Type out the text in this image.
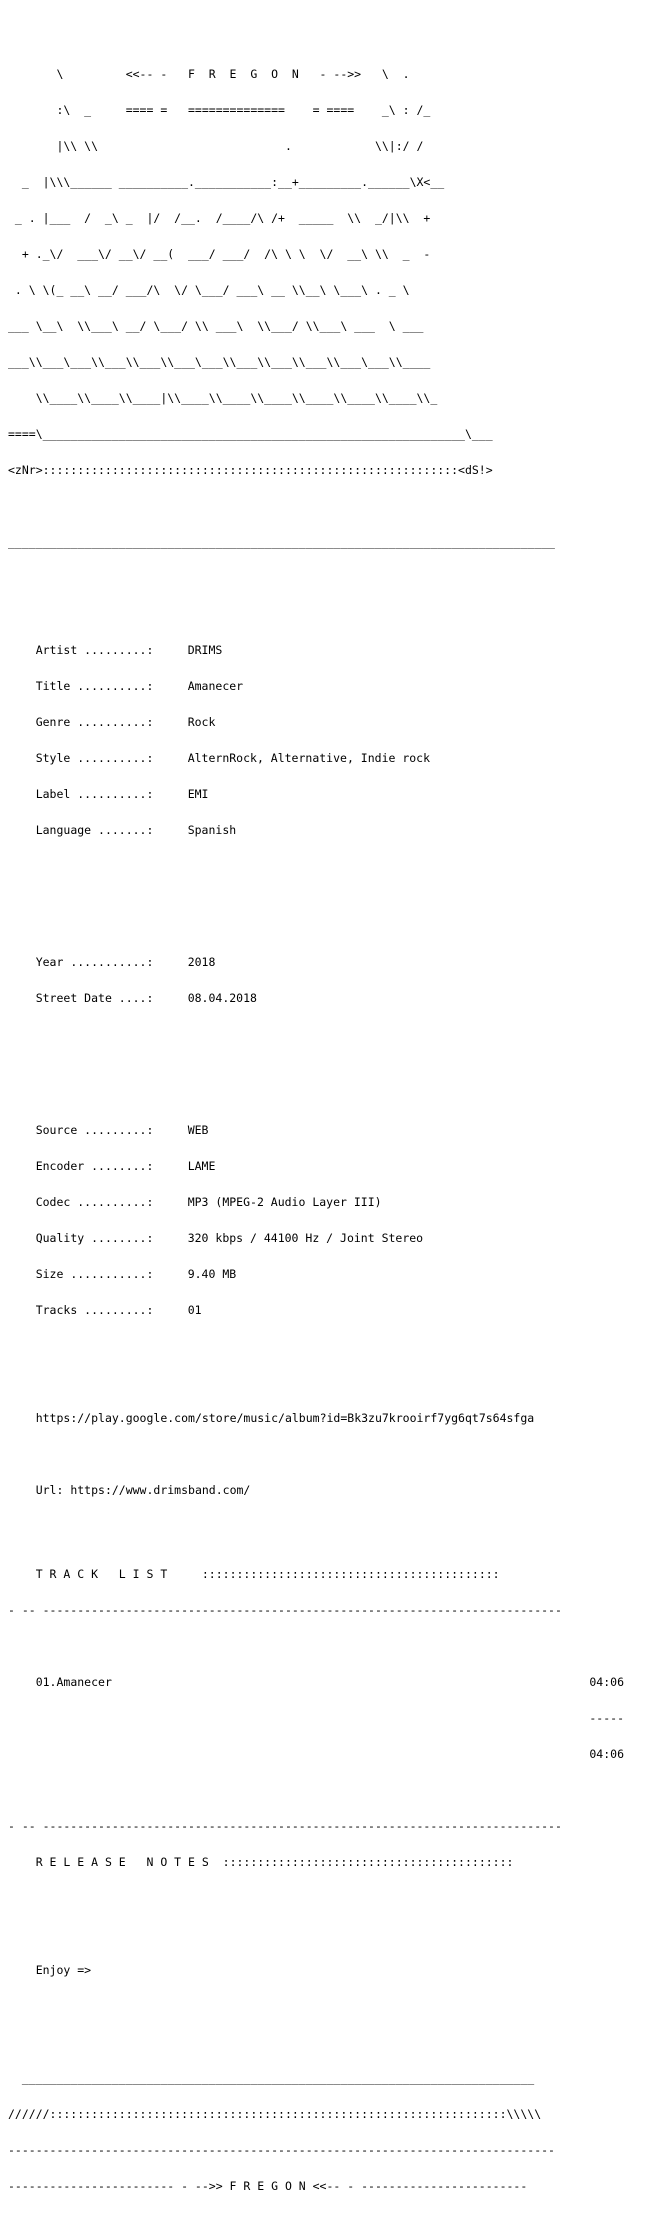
\         <<-- -   F  R  E  G  O  N   - -->>   \  .

:\  _     ==== =   ==============    = ====    _\ : /_

|\\ \\                           .            \\|:/ /

_  |\\\______ __________.___________:__+_________.______\X<__

_ . |___  /  _\ _  |/  /__.  /____/\ /+  _____  \\  _/|\\  +

+ ._\/  ___\/ __\/ __(  ___/ ___/  /\ \ \  \/  __\ \\  _  -

. \ \(_ __\ __/ ___/\  \/ \___/ ___\ __ \\__\ \___\ . _ \

___ \__\  \\___\ __/ \___/ \\ ___\  \\___/ \\___\ ___  \ ___

___\\___\___\\___\\___\\___\___\\___\\___\\___\\___\___\\____

\\____\\____\\____|\\____\\____\\____\\____\\____\\____\\_

====\_____________________________________________________________\___

<zNr>::::::::::::::::::::::::::::::::::::::::::::::::::::::::::::<dS!>

_______________________________________________________________________________

Artist .........:	DRIMS

Title ..........:	Amanecer

Genre ..........:	Rock

Style ..........:	AlternRock, Alternative, Indie rock

Label ..........:	EMI

Language .......:	Spanish

Year ...........:	2018

Street Date ....:	08.04.2018

Source .........:	WEB

Encoder ........:	LAME

Codec ..........:	MP3 (MPEG-2 Audio Layer III)

Quality ........:	320 kbps / 44100 Hz / Joint Stereo

Size ...........:	9.40 MB

Tracks .........:	01

https://play.google.com/store/music/album?id=Bk3zu7krooirf7yg6qt7s64sfga

Url: https://www.drimsband.com/

T R A C K   L I S T     :::::::::::::::::::::::::::::::::::::::::::

- -- ---------------------------------------------------------------------------

01.Amanecer	04:06

-----

04:06

- -- ---------------------------------------------------------------------------

R E L E A S E   N O T E S  ::::::::::::::::::::::::::::::::::::::::::

Enjoy =>

__________________________________________________________________________

//////::::::::::::::::::::::::::::::::::::::::::::::::::::::::::::::::::\\\\\

-------------------------------------------------------------------------------

------------------------ - -->> F R E G O N <<-- - ------------------------
